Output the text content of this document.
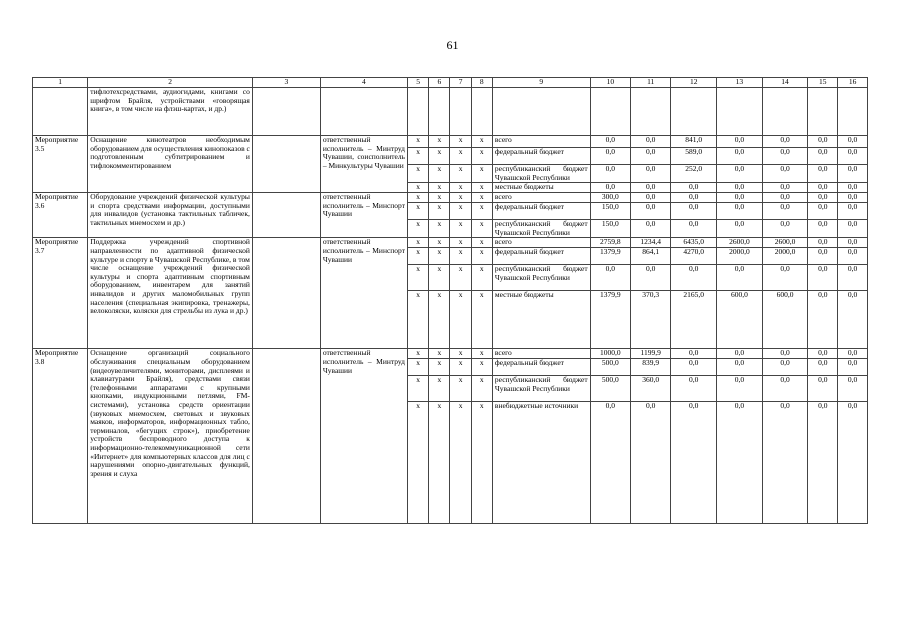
61
1	2	3	4	5	6	7	8	9	10	11	12	13	14	15	16
	тифлотехсредствами, аудиогидами, книгами со шрифтом Брайля, устройствами «говорящая книга», в том числе на флэш-картах, и др.)														
Мероприятие 3.5	Оснащение кинотеатров необходимым оборудованием для осуществления кинопоказов с подготовленным субтитрированием и тифлокомментированием		ответственный исполнитель – Минтруд Чувашии, соисполнитель – Минкультуры Чувашии	x	x	x	x	всего	0,0	0,0	841,0	0,0	0,0	0,0	0,0
				x	x	x	x	федеральный бюджет	0,0	0,0	589,0	0,0	0,0	0,0	0,0
				x	x	x	x	республиканский бюджет Чувашской Республики	0,0	0,0	252,0	0,0	0,0	0,0	0,0
				x	x	x	x	местные бюджеты	0,0	0,0	0,0	0,0	0,0	0,0	0,0
Мероприятие 3.6	Оборудование учреждений физической культуры и спорта средствами информации, доступными для инвалидов (установка тактильных табличек, тактильных мнемосхем и др.)		ответственный исполнитель – Минспорт Чувашии	x	x	x	x	всего	300,0	0,0	0,0	0,0	0,0	0,0	0,0
				x	x	x	x	федеральный бюджет	150,0	0,0	0,0	0,0	0,0	0,0	0,0
				x	x	x	x	республиканский бюджет Чувашской Республики	150,0	0,0	0,0	0,0	0,0	0,0	0,0
Мероприятие 3.7	Поддержка учреждений спортивной направленности по адаптивной физической культуре и спорту в Чувашской Республике, в том числе оснащение учреждений физической культуры и спорта адаптивным спортивным оборудованием, инвентарем для занятий инвалидов и других маломобильных групп населения (специальная экипировка, тренажеры, велоколяски, коляски для стрельбы из лука и др.)		ответственный исполнитель – Минспорт Чувашии	x	x	x	x	всего	2759,8	1234,4	6435,0	2600,0	2600,0	0,0	0,0
				x	x	x	x	федеральный бюджет	1379,9	864,1	4270,0	2000,0	2000,0	0,0	0,0
				x	x	x	x	республиканский бюджет Чувашской Республики	0,0	0,0	0,0	0,0	0,0	0,0	0,0
				x	x	x	x	местные бюджеты	1379,9	370,3	2165,0	600,0	600,0	0,0	0,0
Мероприятие 3.8	Оснащение организаций социального обслуживания специальным оборудованием (видеоувеличителями, мониторами, дисплеями и клавиатурами Брайля), средствами связи (телефонными аппаратами с крупными кнопками, индукционными петлями, FM-системами), установка средств ориентации (звуковых мнемосхем, световых и звуковых маяков, информаторов, информационных табло, терминалов, «бегущих строк»), приобретение устройств беспроводного доступа к информационно-телекоммуникационной сети «Интернет» для компьютерных классов для лиц с нарушениями опорно-двигательных функций, зрения и слуха		ответственный исполнитель – Минтруд Чувашии	x	x	x	x	всего	1000,0	1199,9	0,0	0,0	0,0	0,0	0,0
				x	x	x	x	федеральный бюджет	500,0	839,9	0,0	0,0	0,0	0,0	0,0
				x	x	x	x	республиканский бюджет Чувашской Республики	500,0	360,0	0,0	0,0	0,0	0,0	0,0
				x	x	x	x	внебюджетные источники	0,0	0,0	0,0	0,0	0,0	0,0	0,0
